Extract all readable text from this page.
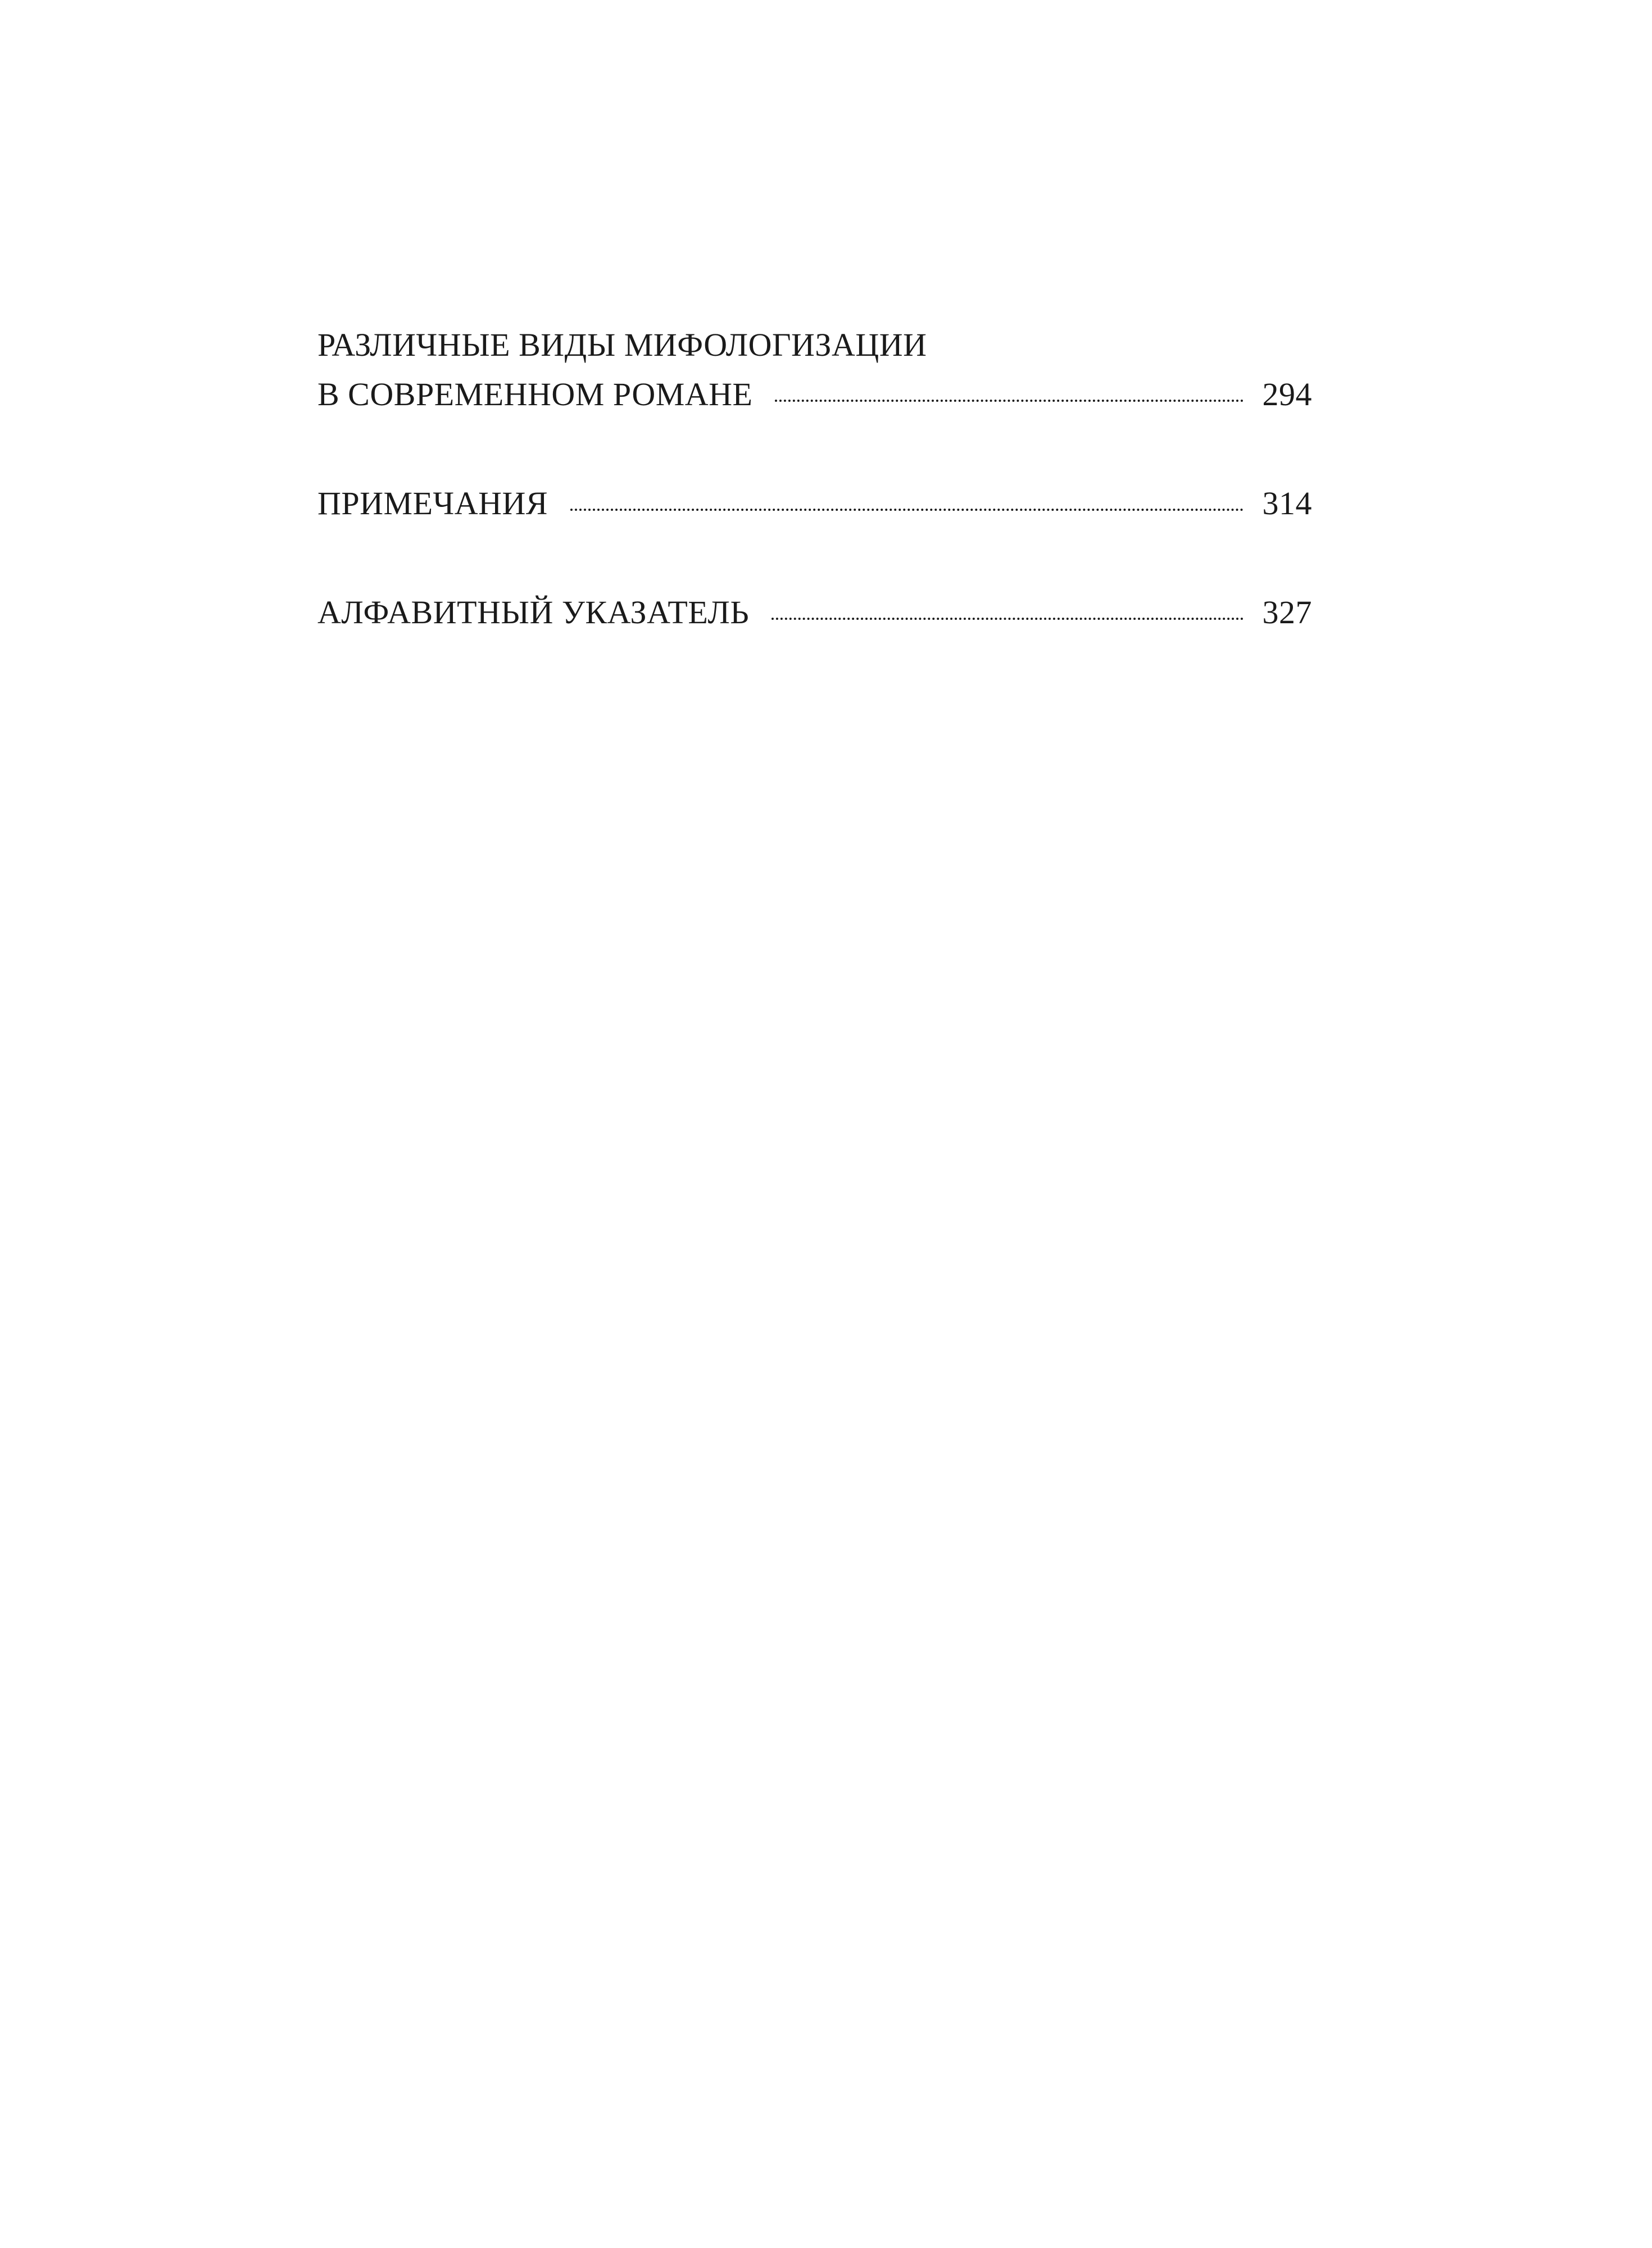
РАЗЛИЧНЫЕ ВИДЫ МИФОЛОГИЗАЦИИ
В СОВРЕМЕННОМ РОМАНЕ	294
ПРИМЕЧАНИЯ	314
АЛФАВИТНЫЙ УКАЗАТЕЛЬ	327
